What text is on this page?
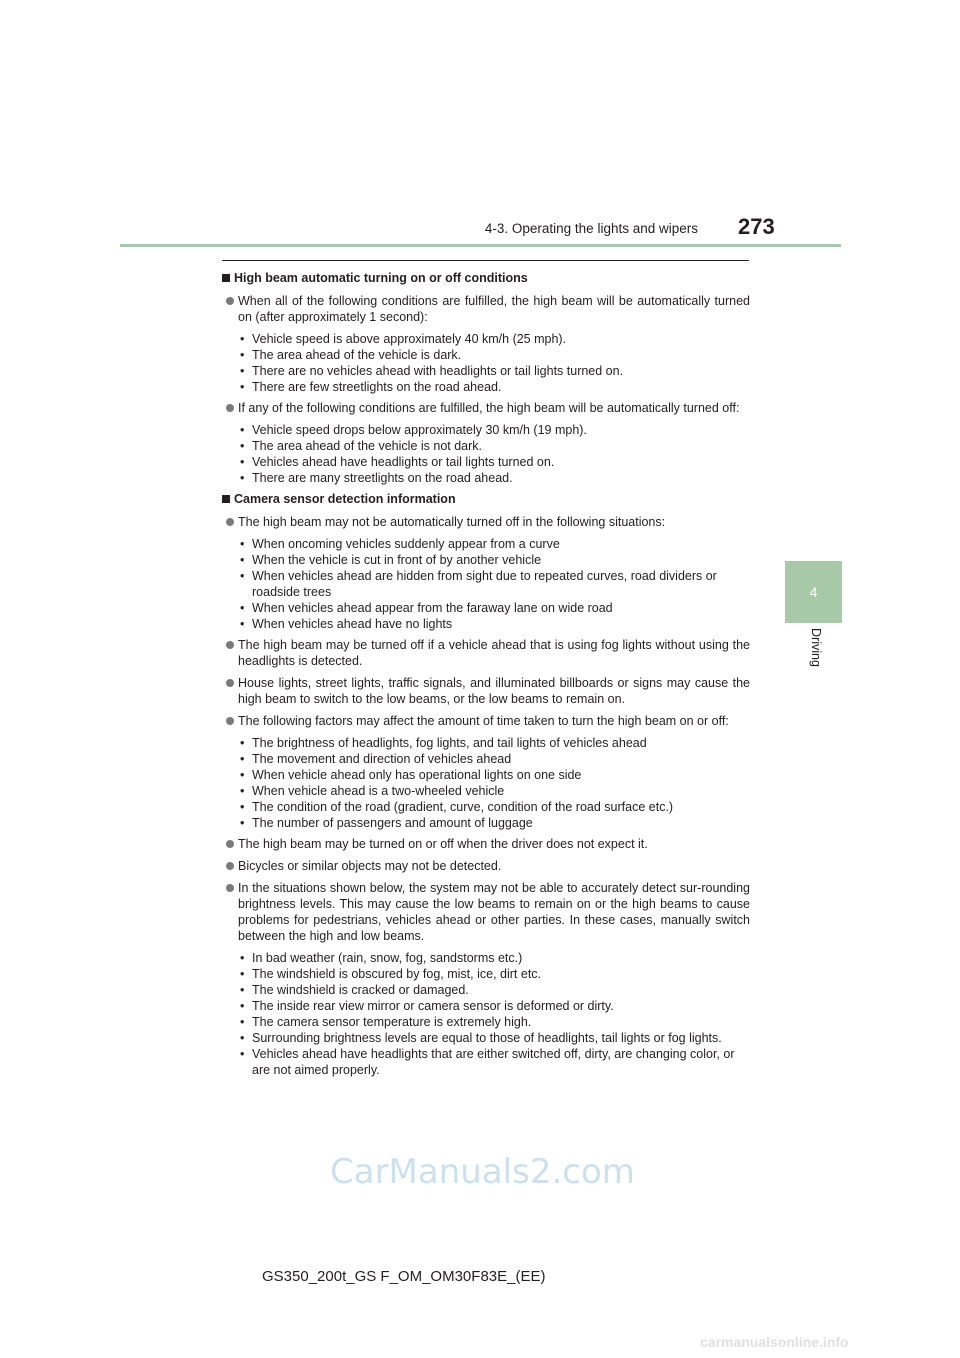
273
4-3. Operating the lights and wipers
4
Driving
High beam automatic turning on or off conditions
When all of the following conditions are fulfilled, the high beam will be automatically turned on (after approximately 1 second):
• Vehicle speed is above approximately 40 km/h (25 mph).
• The area ahead of the vehicle is dark.
• There are no vehicles ahead with headlights or tail lights turned on.
• There are few streetlights on the road ahead.
If any of the following conditions are fulfilled, the high beam will be automatically turned off:
• Vehicle speed drops below approximately 30 km/h (19 mph).
• The area ahead of the vehicle is not dark.
• Vehicles ahead have headlights or tail lights turned on.
• There are many streetlights on the road ahead.
Camera sensor detection information
The high beam may not be automatically turned off in the following situations:
• When oncoming vehicles suddenly appear from a curve
• When the vehicle is cut in front of by another vehicle
• When vehicles ahead are hidden from sight due to repeated curves, road dividers or roadside trees
• When vehicles ahead appear from the faraway lane on wide road
• When vehicles ahead have no lights
The high beam may be turned off if a vehicle ahead that is using fog lights without using the headlights is detected.
House lights, street lights, traffic signals, and illuminated billboards or signs may cause the high beam to switch to the low beams, or the low beams to remain on.
The following factors may affect the amount of time taken to turn the high beam on or off:
• The brightness of headlights, fog lights, and tail lights of vehicles ahead
• The movement and direction of vehicles ahead
• When vehicle ahead only has operational lights on one side
• When vehicle ahead is a two-wheeled vehicle
• The condition of the road (gradient, curve, condition of the road surface etc.)
• The number of passengers and amount of luggage
The high beam may be turned on or off when the driver does not expect it.
Bicycles or similar objects may not be detected.
In the situations shown below, the system may not be able to accurately detect sur-rounding brightness levels. This may cause the low beams to remain on or the high beams to cause problems for pedestrians, vehicles ahead or other parties. In these cases, manually switch between the high and low beams.
• In bad weather (rain, snow, fog, sandstorms etc.)
• The windshield is obscured by fog, mist, ice, dirt etc.
• The windshield is cracked or damaged.
• The inside rear view mirror or camera sensor is deformed or dirty.
• The camera sensor temperature is extremely high.
• Surrounding brightness levels are equal to those of headlights, tail lights or fog lights.
• Vehicles ahead have headlights that are either switched off, dirty, are changing color, or are not aimed properly.
CarManuals2.com
GS350_200t_GS F_OM_OM30F83E_(EE)
carmanualsonline.info
